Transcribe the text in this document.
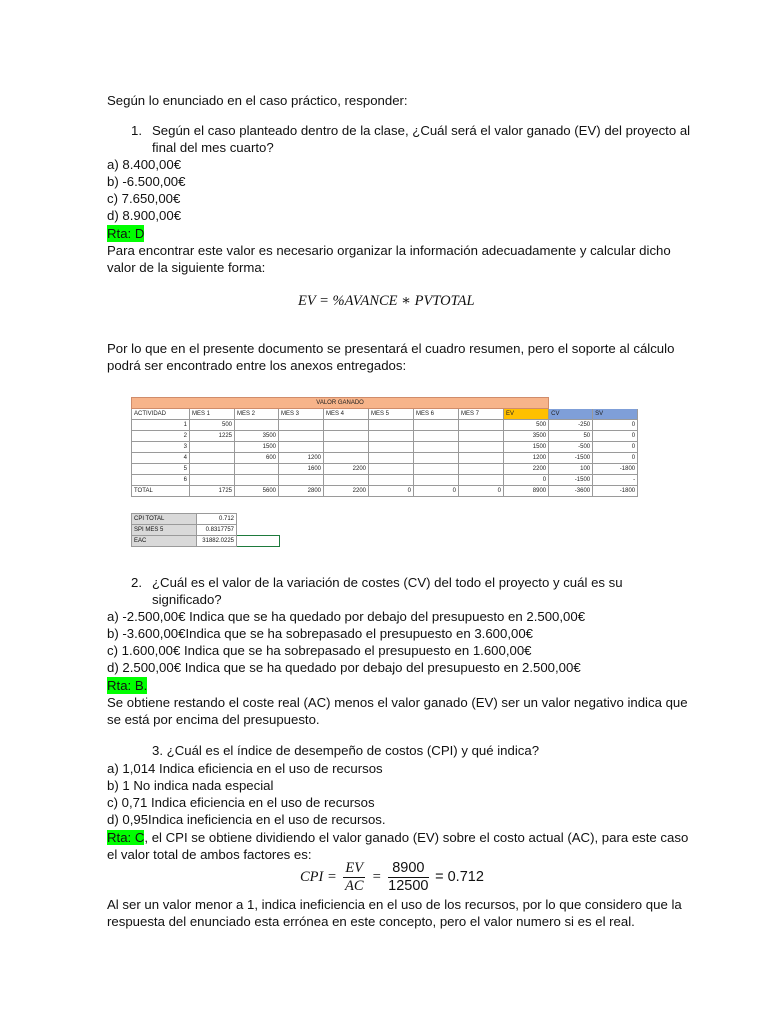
Según lo enunciado en el caso práctico, responder:
1. Según el caso planteado dentro de la clase, ¿Cuál será el valor ganado (EV) del proyecto al
final del mes cuarto?
a) 8.400,00€
b) -6.500,00€
c) 7.650,00€
d) 8.900,00€
Rta: D
Para encontrar este valor es necesario organizar la información adecuadamente y calcular dicho
valor de la siguiente forma:
EV = %AVANCE ∗ PVTOTAL
Por lo que en el presente documento se presentará el cuadro resumen, pero el soporte al cálculo
podrá ser encontrado entre los anexos entregados:
VALOR GANADO										
ACTIVIDAD	MES 1	MES 2	MES 3	MES 4	MES 5	MES 6	MES 7	EV	CV	SV
1	500							500	-250	0
2	1225	3500						3500	50	0
3		1500						1500	-500	0
4		600	1200					1200	-1500	0
5			1600	2200				2200	100	-1800
6								0	-1500	-
TOTAL	1725	5600	2800	2200	0	0	0	8900	-3600	-1800
CPI TOTAL	0.712	
SPI MES 5	0.8317757	
EAC	31882.0225	
2. ¿Cuál es el valor de la variación de costes (CV) del todo el proyecto y cuál es su
significado?
a) -2.500,00€ Indica que se ha quedado por debajo del presupuesto en 2.500,00€
b) -3.600,00€Indica que se ha sobrepasado el presupuesto en 3.600,00€
c) 1.600,00€ Indica que se ha sobrepasado el presupuesto en 1.600,00€
d) 2.500,00€ Indica que se ha quedado por debajo del presupuesto en 2.500,00€
Rta: B.
Se obtiene restando el coste real (AC) menos el valor ganado (EV) ser un valor negativo indica que
se está por encima del presupuesto.
3. ¿Cuál es el índice de desempeño de costos (CPI) y qué indica?
a) 1,014 Indica eficiencia en el uso de recursos
b) 1 No indica nada especial
c) 0,71 Indica eficiencia en el uso de recursos
d) 0,95Indica ineficiencia en el uso de recursos.
Rta: C, el CPI se obtiene dividiendo el valor ganado (EV) sobre el costo actual (AC), para este caso
el valor total de ambos factores es:
CPI = $\frac{EV}{AC} = \frac{8900}{12500} = 0.712$
Al ser un valor menor a 1, indica ineficiencia en el uso de los recursos, por lo que considero que la
respuesta del enunciado esta errónea en este concepto, pero el valor numero si es el real.
